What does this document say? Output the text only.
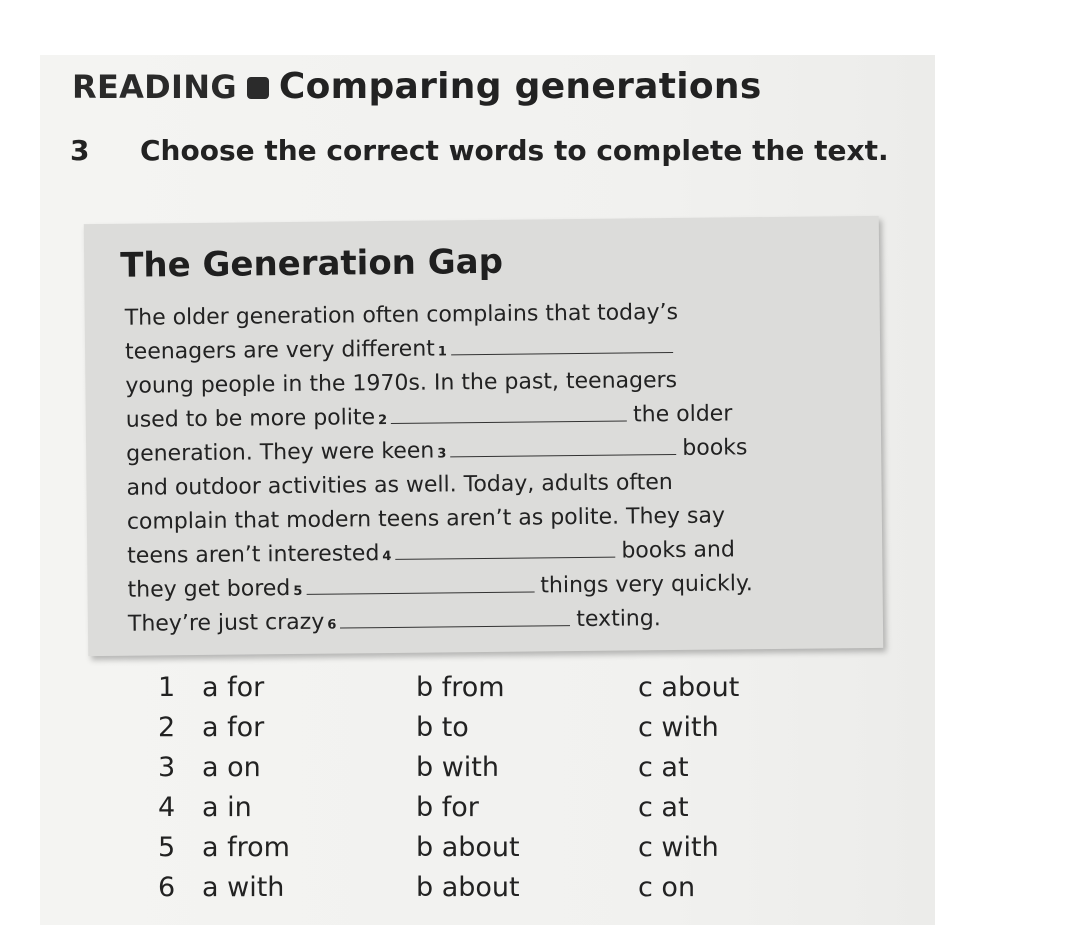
READING Comparing generations
3 Choose the correct words to complete the text.
The Generation Gap
The older generation often complains that today’s
teenagers are very different 1
young people in the 1970s. In the past, teenagers
used to be more polite 2	the older
generation. They were keen 3	books
and outdoor activities as well. Today, adults often
complain that modern teens aren’t as polite. They say
teens aren’t interested 4	books and
they get bored 5	things very quickly.
They’re just crazy 6	texting.
1 a for	b from	c about
2 a for	b to	c with
3 a on	b with	c at
4 a in	b for	c at
5 a from	b about	c with
6 a with	b about	c on
